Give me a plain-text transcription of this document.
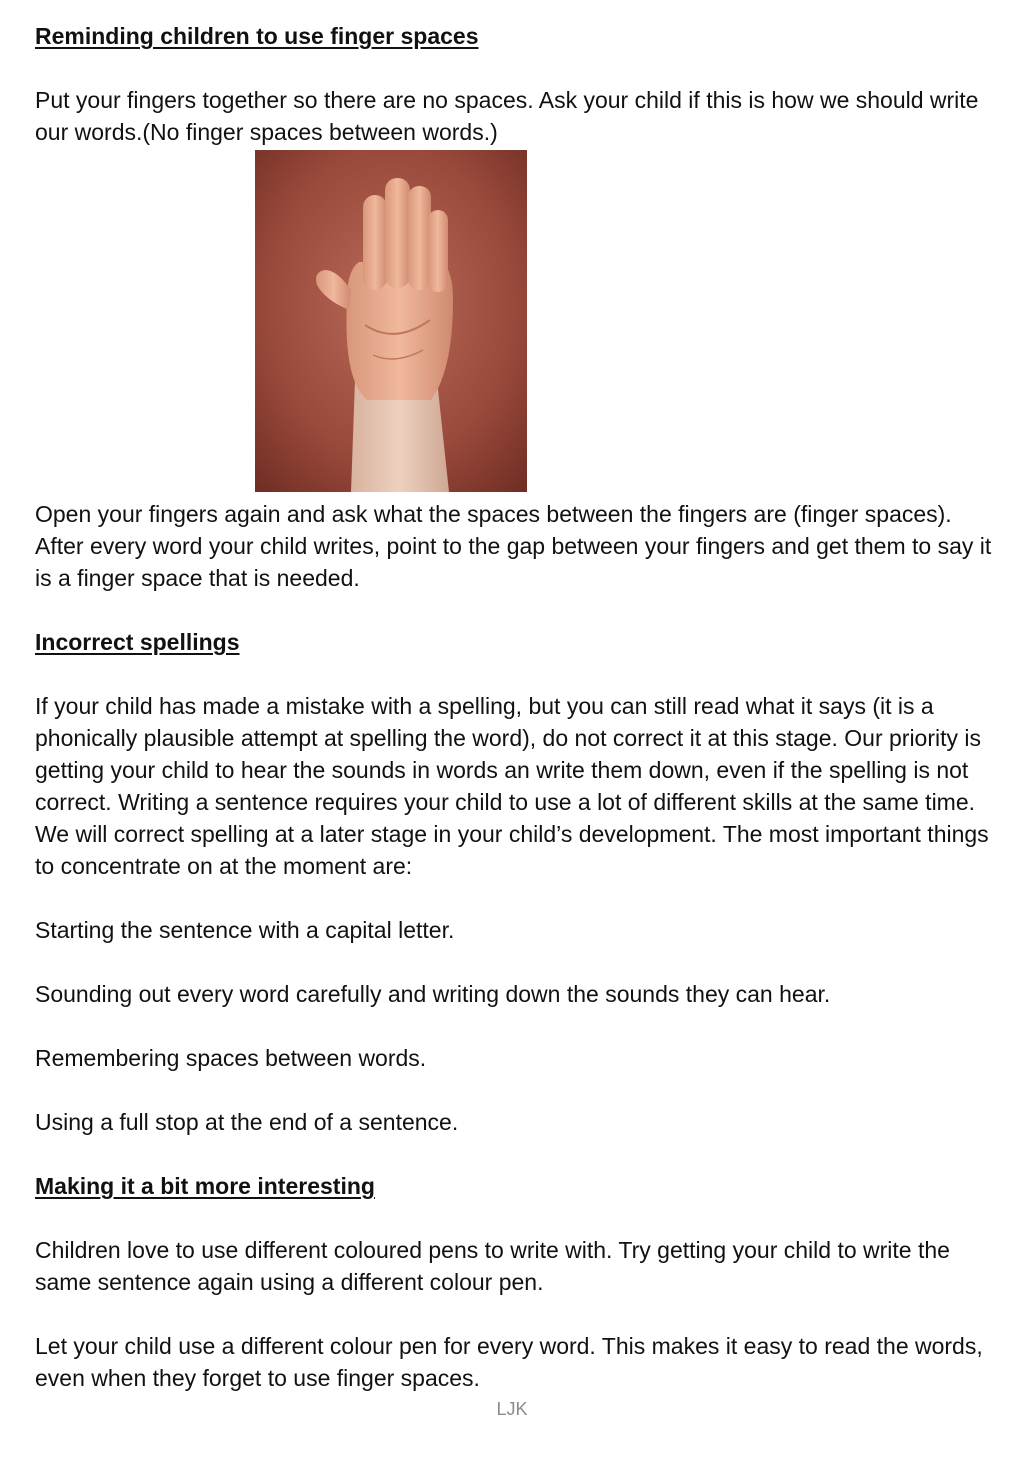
Reminding children to use finger spaces

Put your fingers together so there are no spaces. Ask your child if this is how we should write our words.(No finger spaces between words.)

Open your fingers again and ask what the spaces between the fingers are (finger spaces). After every word your child writes, point to the gap between your fingers and get them to say it is a finger space that is needed.

Incorrect spellings

If your child has made a mistake with a spelling, but you can still read what it says (it is a phonically plausible attempt at spelling the word), do not correct it at this stage. Our priority is getting your child to hear the sounds in words an write them down, even if the spelling is not correct. Writing a sentence requires your child to use a lot of different skills at the same time. We will correct spelling at a later stage in your child’s development. The most important things to concentrate on at the moment are:

Starting the sentence with a capital letter.

Sounding out every word carefully and writing down the sounds they can hear.

Remembering spaces between words.

Using a full stop at the end of a sentence.

Making it a bit more interesting

Children love to use different coloured pens to write with. Try getting your child to write the same sentence again using a different colour pen.

Let your child use a different colour pen for every word. This makes it easy to read the words, even when they forget to use finger spaces.

LJK
